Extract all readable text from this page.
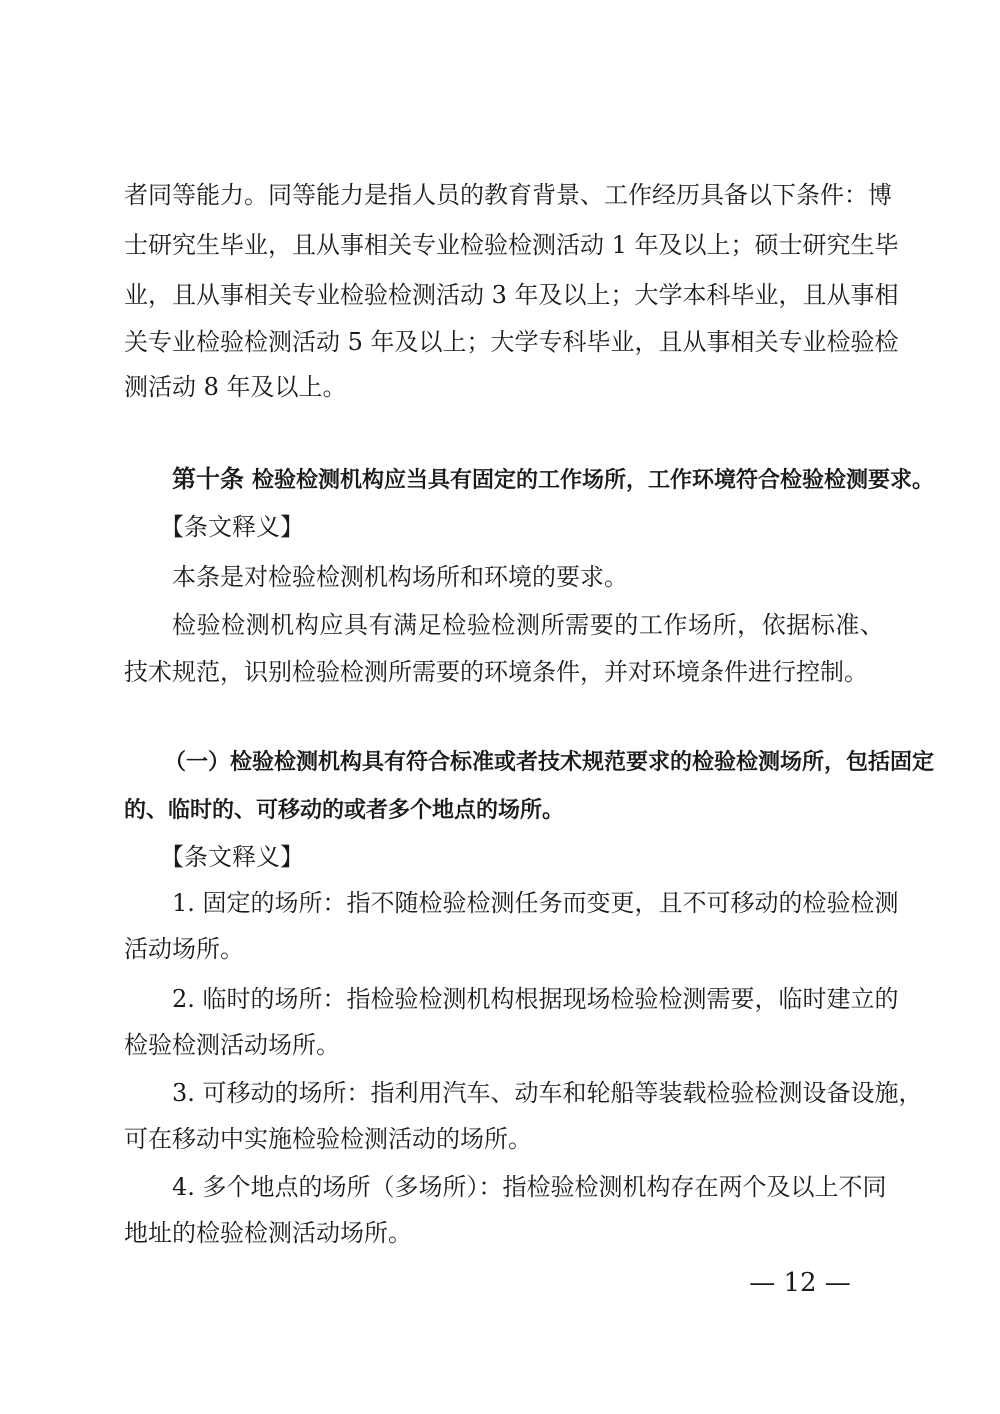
者同等能力。同等能力是指人员的教育背景、工作经历具备以下条件：博
士研究生毕业，且从事相关专业检验检测活动 1 年及以上；硕士研究生毕
业，且从事相关专业检验检测活动 3 年及以上；大学本科毕业，且从事相
关专业检验检测活动 5 年及以上；大学专科毕业，且从事相关专业检验检
测活动 8 年及以上。
第十条 检验检测机构应当具有固定的工作场所，工作环境符合检验检测要求。
【条文释义】
本条是对检验检测机构场所和环境的要求。
检验检测机构应具有满足检验检测所需要的工作场所，依据标准、
技术规范，识别检验检测所需要的环境条件，并对环境条件进行控制。
（一）检验检测机构具有符合标准或者技术规范要求的检验检测场所，包括固定
的、临时的、可移动的或者多个地点的场所。
【条文释义】
1. 固定的场所：指不随检验检测任务而变更，且不可移动的检验检测
活动场所。
2. 临时的场所：指检验检测机构根据现场检验检测需要，临时建立的
检验检测活动场所。
3. 可移动的场所：指利用汽车、动车和轮船等装载检验检测设备设施，
可在移动中实施检验检测活动的场所。
4. 多个地点的场所（多场所）：指检验检测机构存在两个及以上不同
地址的检验检测活动场所。
— 12 —
